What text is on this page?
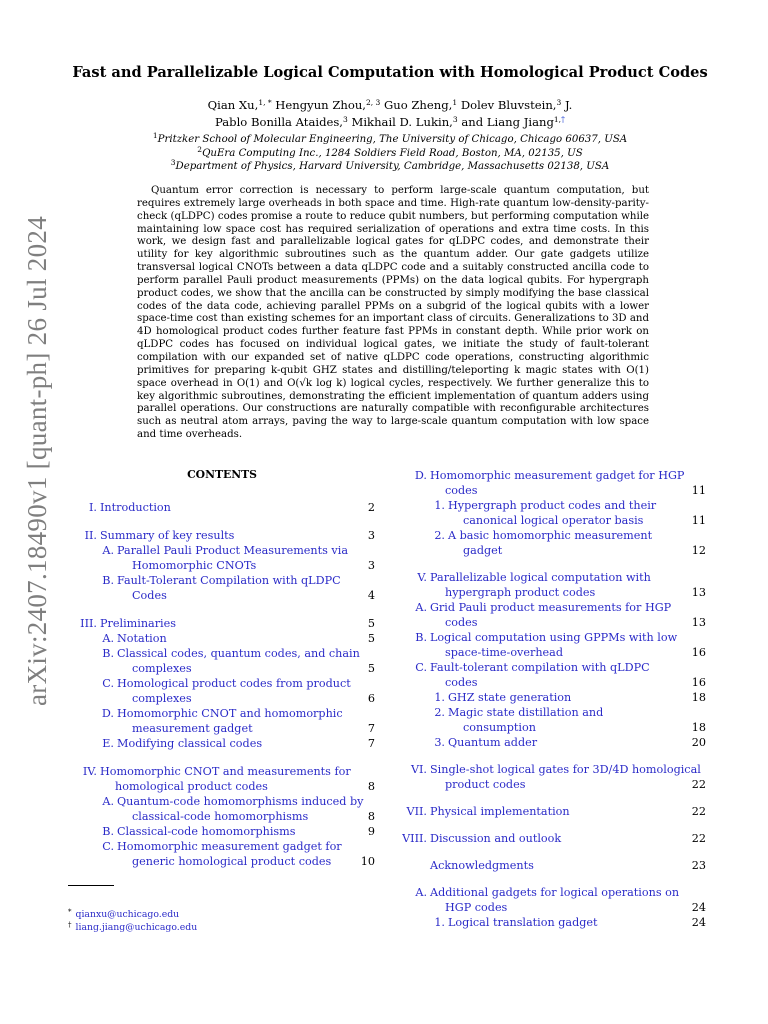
arXiv:2407.18490v1 [quant-ph] 26 Jul 2024
Fast and Parallelizable Logical Computation with Homological Product Codes
Qian Xu,$^{1, *}$ Hengyun Zhou,$^{2, 3}$ Guo Zheng,$^1$ Dolev Bluvstein,$^3$ J.
Pablo Bonilla Ataides,$^3$ Mikhail D. Lukin,$^3$ and Liang Jiang$^{1,\dagger}$
$^1$Pritzker School of Molecular Engineering, The University of Chicago, Chicago 60637, USA
$^2$QuEra Computing Inc., 1284 Soldiers Field Road, Boston, MA, 02135, US
$^3$Department of Physics, Harvard University, Cambridge, Massachusetts 02138, USA

Quantum error correction is necessary to perform large-scale quantum computation, but requires extremely large overheads in both space and time. High-rate quantum low-density-parity-check (qLDPC) codes promise a route to reduce qubit numbers, but performing computation while maintaining low space cost has required serialization of operations and extra time costs. In this work, we design fast and parallelizable logical gates for qLDPC codes, and demonstrate their utility for key algorithmic subroutines such as the quantum adder. Our gate gadgets utilize transversal logical CNOTs between a data qLDPC code and a suitably constructed ancilla code to perform parallel Pauli product measurements (PPMs) on the data logical qubits. For hypergraph product codes, we show that the ancilla can be constructed by simply modifying the base classical codes of the data code, achieving parallel PPMs on a subgrid of the logical qubits with a lower space-time cost than existing schemes for an important class of circuits. Generalizations to 3D and 4D homological product codes further feature fast PPMs in constant depth. While prior work on qLDPC codes has focused on individual logical gates, we initiate the study of fault-tolerant compilation with our expanded set of native qLDPC code operations, constructing algorithmic primitives for preparing k-qubit GHZ states and distilling/teleporting k magic states with O(1) space overhead in O(1) and O(√k log k) logical cycles, respectively. We further generalize this to key algorithmic subroutines, demonstrating the efficient implementation of quantum adders using parallel operations. Our constructions are naturally compatible with reconfigurable architectures such as neutral atom arrays, paving the way to large-scale quantum computation with low space and time overheads.

CONTENTS
I. Introduction	2
II. Summary of key results	3
A. Parallel Pauli Product Measurements via
Homomorphic CNOTs	3
B. Fault-Tolerant Compilation with qLDPC
Codes	4
III. Preliminaries	5
A. Notation	5
B. Classical codes, quantum codes, and chain
complexes	5
C. Homological product codes from product
complexes	6
D. Homomorphic CNOT and homomorphic
measurement gadget	7
E. Modifying classical codes	7
IV. Homomorphic CNOT and measurements for
homological product codes	8
A. Quantum-code homomorphisms induced by
classical-code homomorphisms	8
B. Classical-code homomorphisms	9
C. Homomorphic measurement gadget for
generic homological product codes	10
D. Homomorphic measurement gadget for HGP
codes	11
1. Hypergraph product codes and their
canonical logical operator basis	11
2. A basic homomorphic measurement
gadget	12
V. Parallelizable logical computation with
hypergraph product codes	13
A. Grid Pauli product measurements for HGP
codes	13
B. Logical computation using GPPMs with low
space-time-overhead	16
C. Fault-tolerant compilation with qLDPC
codes	16
1. GHZ state generation	18
2. Magic state distillation and
consumption	18
3. Quantum adder	20
VI. Single-shot logical gates for 3D/4D homological
product codes	22
VII. Physical implementation	22
VIII. Discussion and outlook	22
Acknowledgments	23
A. Additional gadgets for logical operations on
HGP codes	24
1. Logical translation gadget	24
* qianxu@uchicago.edu
† liang.jiang@uchicago.edu
